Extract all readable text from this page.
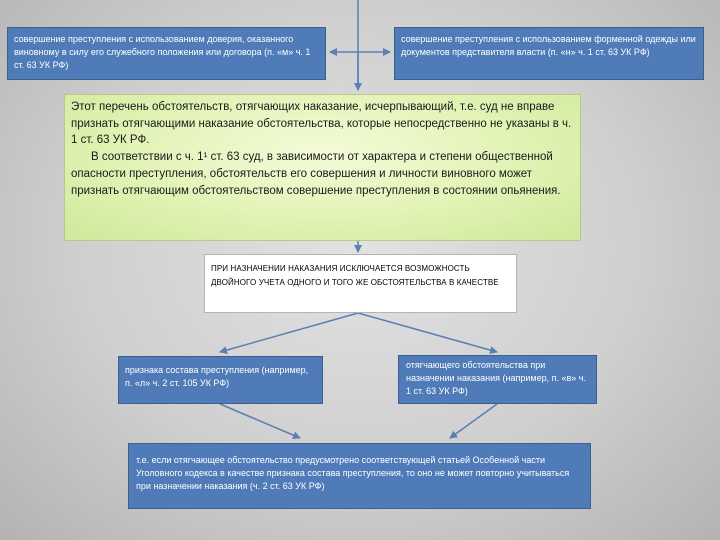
совершение преступления с использованием доверия, оказанного виновному в силу его служебного положения или договора (п. «м» ч. 1 ст. 63 УК РФ)
совершение преступления с использованием форменной одежды или документов представителя власти (п. «н» ч. 1 ст. 63 УК РФ)

Этот перечень обстоятельств, отягчающих наказание, исчерпывающий, т.е. суд не вправе признать отягчающими наказание обстоятельства, которые непосредственно не указаны в ч. 1 ст. 63 УК РФ.

В соответствии с ч. 1¹ ст. 63 суд, в зависимости от характера и степени общественной опасности преступления, обстоятельств его совершения и личности виновного может признать отягчающим обстоятельством совершение преступления в состоянии опьянения.

ПРИ НАЗНАЧЕНИИ НАКАЗАНИЯ ИСКЛЮЧАЕТСЯ ВОЗМОЖНОСТЬ ДВОЙНОГО УЧЕТА ОДНОГО И ТОГО ЖЕ ОБСТОЯТЕЛЬСТВА В КАЧЕСТВЕ
признака состава преступления (например, п. «л» ч. 2 ст. 105 УК РФ)
отягчающего обстоятельства при назначении наказания (например, п. «в» ч. 1 ст. 63 УК РФ)
т.е. если отягчающее обстоятельство предусмотрено соответствующей статьей Особенной части Уголовного кодекса в качестве признака состава преступления, то оно не может повторно учитываться при назначении наказания (ч. 2 ст. 63 УК РФ)
